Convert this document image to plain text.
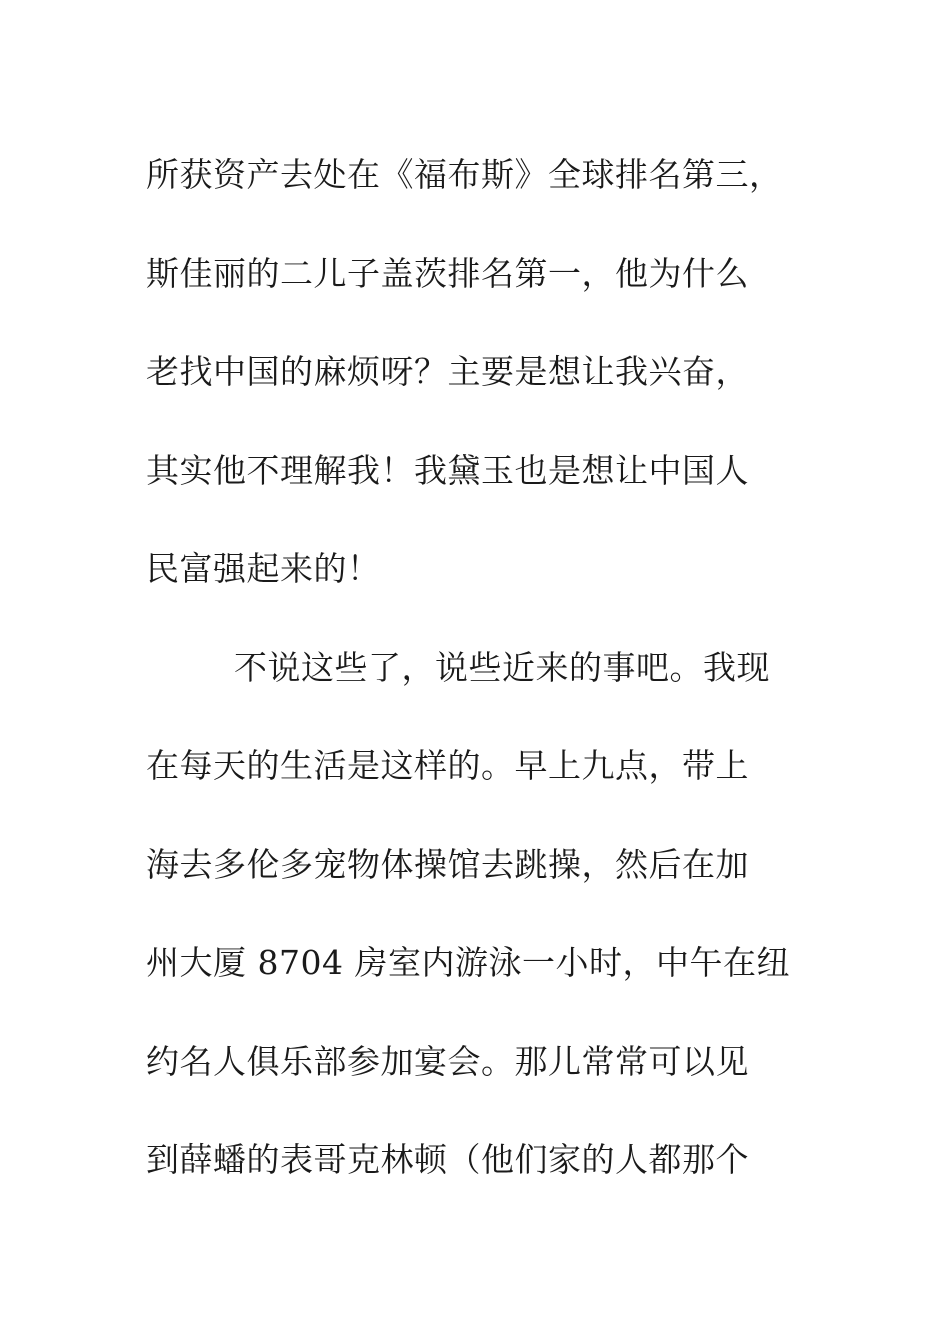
所获资产去处在《福布斯》全球排名第三，
斯佳丽的二儿子盖茨排名第一，他为什么
老找中国的麻烦呀？主要是想让我兴奋，
其实他不理解我！我黛玉也是想让中国人
民富强起来的！
不说这些了，说些近来的事吧。我现
在每天的生活是这样的。早上九点，带上
海去多伦多宠物体操馆去跳操，然后在加
州大厦 8704 房室内游泳一小时，中午在纽
约名人俱乐部参加宴会。那儿常常可以见
到薛蟠的表哥克林顿（他们家的人都那个
